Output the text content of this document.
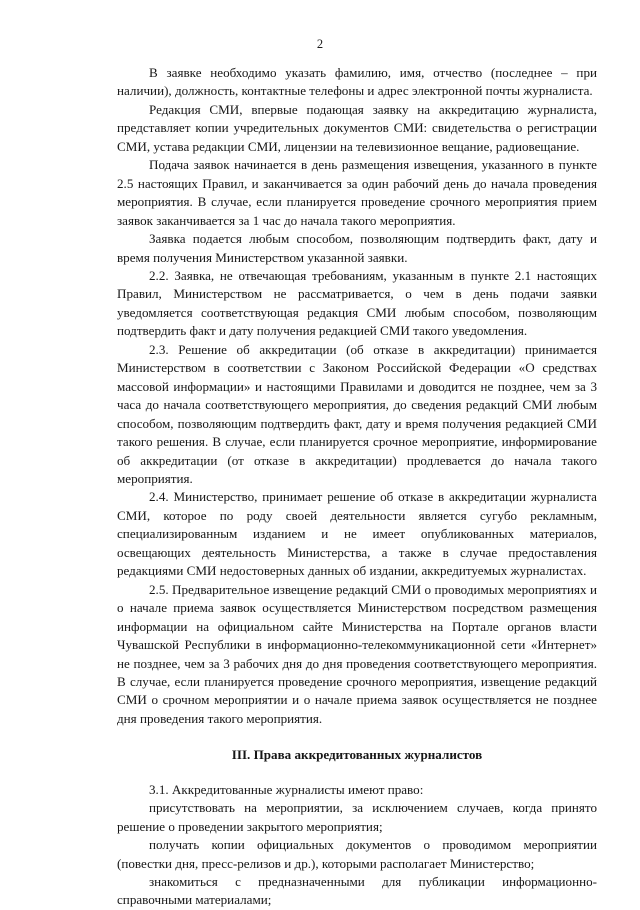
2

В заявке необходимо указать фамилию, имя, отчество (последнее – при наличии), должность, контактные телефоны и адрес электронной почты журналиста.

Редакция СМИ, впервые подающая заявку на аккредитацию журналиста, представляет копии учредительных документов СМИ: свидетельства о регистрации СМИ, устава редакции СМИ, лицензии на телевизионное вещание, радиовещание.

Подача заявок начинается в день размещения извещения, указанного в пункте 2.5 настоящих Правил, и заканчивается за один рабочий день до начала проведения мероприятия. В случае, если планируется проведение срочного мероприятия прием заявок заканчивается за 1 час до начала такого мероприятия.

Заявка подается любым способом, позволяющим подтвердить факт, дату и время получения Министерством указанной заявки.

2.2. Заявка, не отвечающая требованиям, указанным в пункте 2.1 настоящих Правил, Министерством не рассматривается, о чем в день подачи заявки уведомляется соответствующая редакция СМИ любым способом, позволяющим подтвердить факт и дату получения редакцией СМИ такого уведомления.

2.3. Решение об аккредитации (об отказе в аккредитации) принимается Министерством в соответствии с Законом Российской Федерации «О средствах массовой информации» и настоящими Правилами и доводится не позднее, чем за 3 часа до начала соответствующего мероприятия, до сведения редакций СМИ любым способом, позволяющим подтвердить факт, дату и время получения редакцией СМИ такого решения. В случае, если планируется срочное мероприятие, информирование об аккредитации (от отказе в аккредитации) продлевается до начала такого мероприятия.

2.4. Министерство, принимает решение об отказе в аккредитации журналиста СМИ, которое по роду своей деятельности является сугубо рекламным, специализированным изданием и не имеет опубликованных материалов, освещающих деятельность Министерства, а также в случае предоставления редакциями СМИ недостоверных данных об издании, аккредитуемых журналистах.

2.5. Предварительное извещение редакций СМИ о проводимых мероприятиях и о начале приема заявок осуществляется Министерством посредством размещения информации на официальном сайте Министерства на Портале органов власти Чувашской Республики в информационно-телекоммуникационной сети «Интернет» не позднее, чем за 3 рабочих дня до дня проведения соответствующего мероприятия. В случае, если планируется проведение срочного мероприятия, извещение редакций СМИ о срочном мероприятии и о начале приема заявок осуществляется не позднее дня проведения такого мероприятия.

III. Права аккредитованных журналистов

3.1. Аккредитованные журналисты имеют право:

присутствовать на мероприятии, за исключением случаев, когда принято решение о проведении закрытого мероприятия;

получать копии официальных документов о проводимом мероприятии (повестки дня, пресс-релизов и др.), которыми располагает Министерство;

знакомиться с предназначенными для публикации информационно-справочными материалами;
